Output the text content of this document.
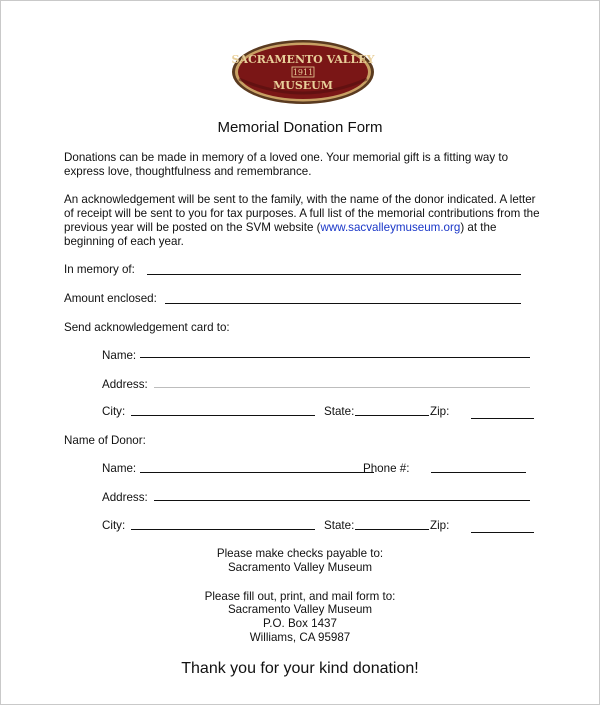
SACRAMENTO VALLEY
1911
MUSEUM
Memorial Donation Form
Donations can be made in memory of a loved one. Your memorial gift is a fitting way to express love, thoughtfulness and remembrance.
An acknowledgement will be sent to the family, with the name of the donor indicated. A letter of receipt will be sent to you for tax purposes. A full list of the memorial contributions from the previous year will be posted on the SVM website (www.sacvalleymuseum.org) at the beginning of each year.
In memory of:
Amount enclosed:
Send acknowledgement card to:
Name:
Address:
City:	State:	Zip:
Name of Donor:
Name:	Phone #:
Address:
City:	State:	Zip:
Please make checks payable to:
Sacramento Valley Museum
Please fill out, print, and mail form to:
Sacramento Valley Museum
P.O. Box 1437
Williams, CA 95987
Thank you for your kind donation!
